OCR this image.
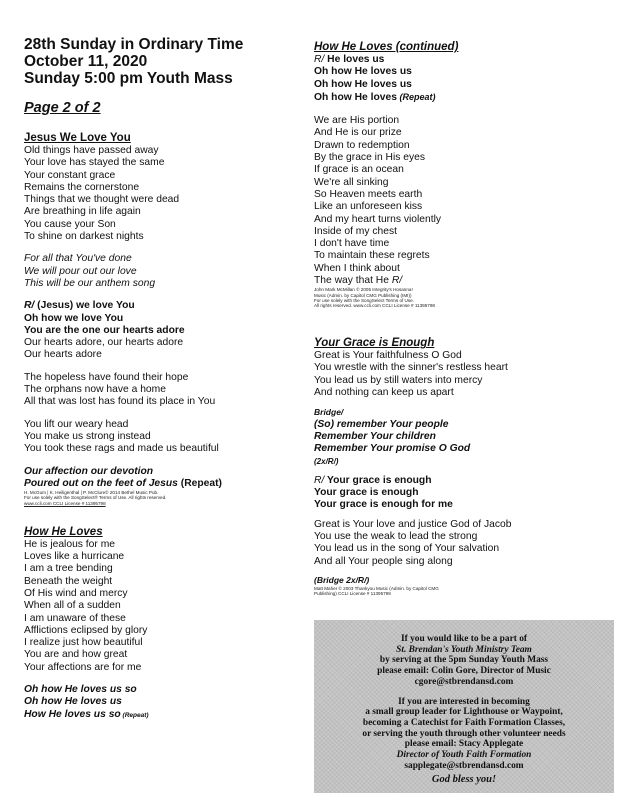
28th Sunday in Ordinary Time
October 11, 2020
Sunday 5:00 pm Youth Mass
Page 2 of 2
Jesus We Love You
Old things have passed away
Your love has stayed the same
Your constant grace
Remains the cornerstone
Things that we thought were dead
Are breathing in life again
You cause your Son
To shine on darkest nights
For all that You've done
We will pour out our love
This will be our anthem song
R/ (Jesus) we love You
Oh how we love You
You are the one our hearts adore
Our hearts adore, our hearts adore
Our hearts adore
The hopeless have found their hope
The orphans now have a home
All that was lost has found its place in You
You lift our weary head
You make us strong instead
You took these rags and made us beautiful
Our affection our devotion
Poured out on the feet of Jesus (Repeat)
H. McGum | K. Heiligenthal | P. McClure© 2014 Bethel Music Pub.
For use solely with the SongSelect® Terms of Use. All rights reserved.
www.ccli.com CCLI License # 11395798
How He Loves
He is jealous for me
Loves like a hurricane
I am a tree bending
Beneath the weight
Of His wind and mercy
When all of a sudden
I am unaware of these
Afflictions eclipsed by glory
I realize just how beautiful
You are and how great
Your affections are for me
Oh how He loves us so
Oh how He loves us
How He loves us so (Repeat)
How He Loves (continued)
R/ He loves us
Oh how He loves us
Oh how He loves us
Oh how He loves (Repeat)
We are His portion
And He is our prize
Drawn to redemption
By the grace in His eyes
If grace is an ocean
We're all sinking
So Heaven meets earth
Like an unforeseen kiss
And my heart turns violently
Inside of my chest
I don't have time
To maintain these regrets
When I think about
The way that He R/
John Mark McMillan © 2005 Integrity's Hosanna!
Music (Admin. by Capitol CMG Publishing (IMI))
For use solely with the SongSelect Terms of Use.
All rights reserved. www.ccli.com CCLI License # 11395798
Your Grace is Enough
Great is Your faithfulness O God
You wrestle with the sinner's restless heart
You lead us by still waters into mercy
And nothing can keep us apart
Bridge/
(So) remember Your people
Remember Your children
Remember Your promise O God
(2x/R/)
R/ Your grace is enough
Your grace is enough
Your grace is enough for me
Great is Your love and justice God of Jacob
You use the weak to lead the strong
You lead us in the song of Your salvation
And all Your people sing along
(Bridge 2x/R/)
Matt Maher © 2003 Thankyou Music (Admin. by Capitol CMG
Publishing) CCLI License # 11395798
If you would like to be a part of
St. Brendan's Youth Ministry Team
by serving at the 5pm Sunday Youth Mass
please email: Colin Gore, Director of Music
cgore@stbrendansd.com
If you are interested in becoming
a small group leader for Lighthouse or Waypoint,
becoming a Catechist for Faith Formation Classes,
or serving the youth through other volunteer needs
please email: Stacy Applegate
Director of Youth Faith Formation
sapplegate@stbrendansd.com
God bless you!
